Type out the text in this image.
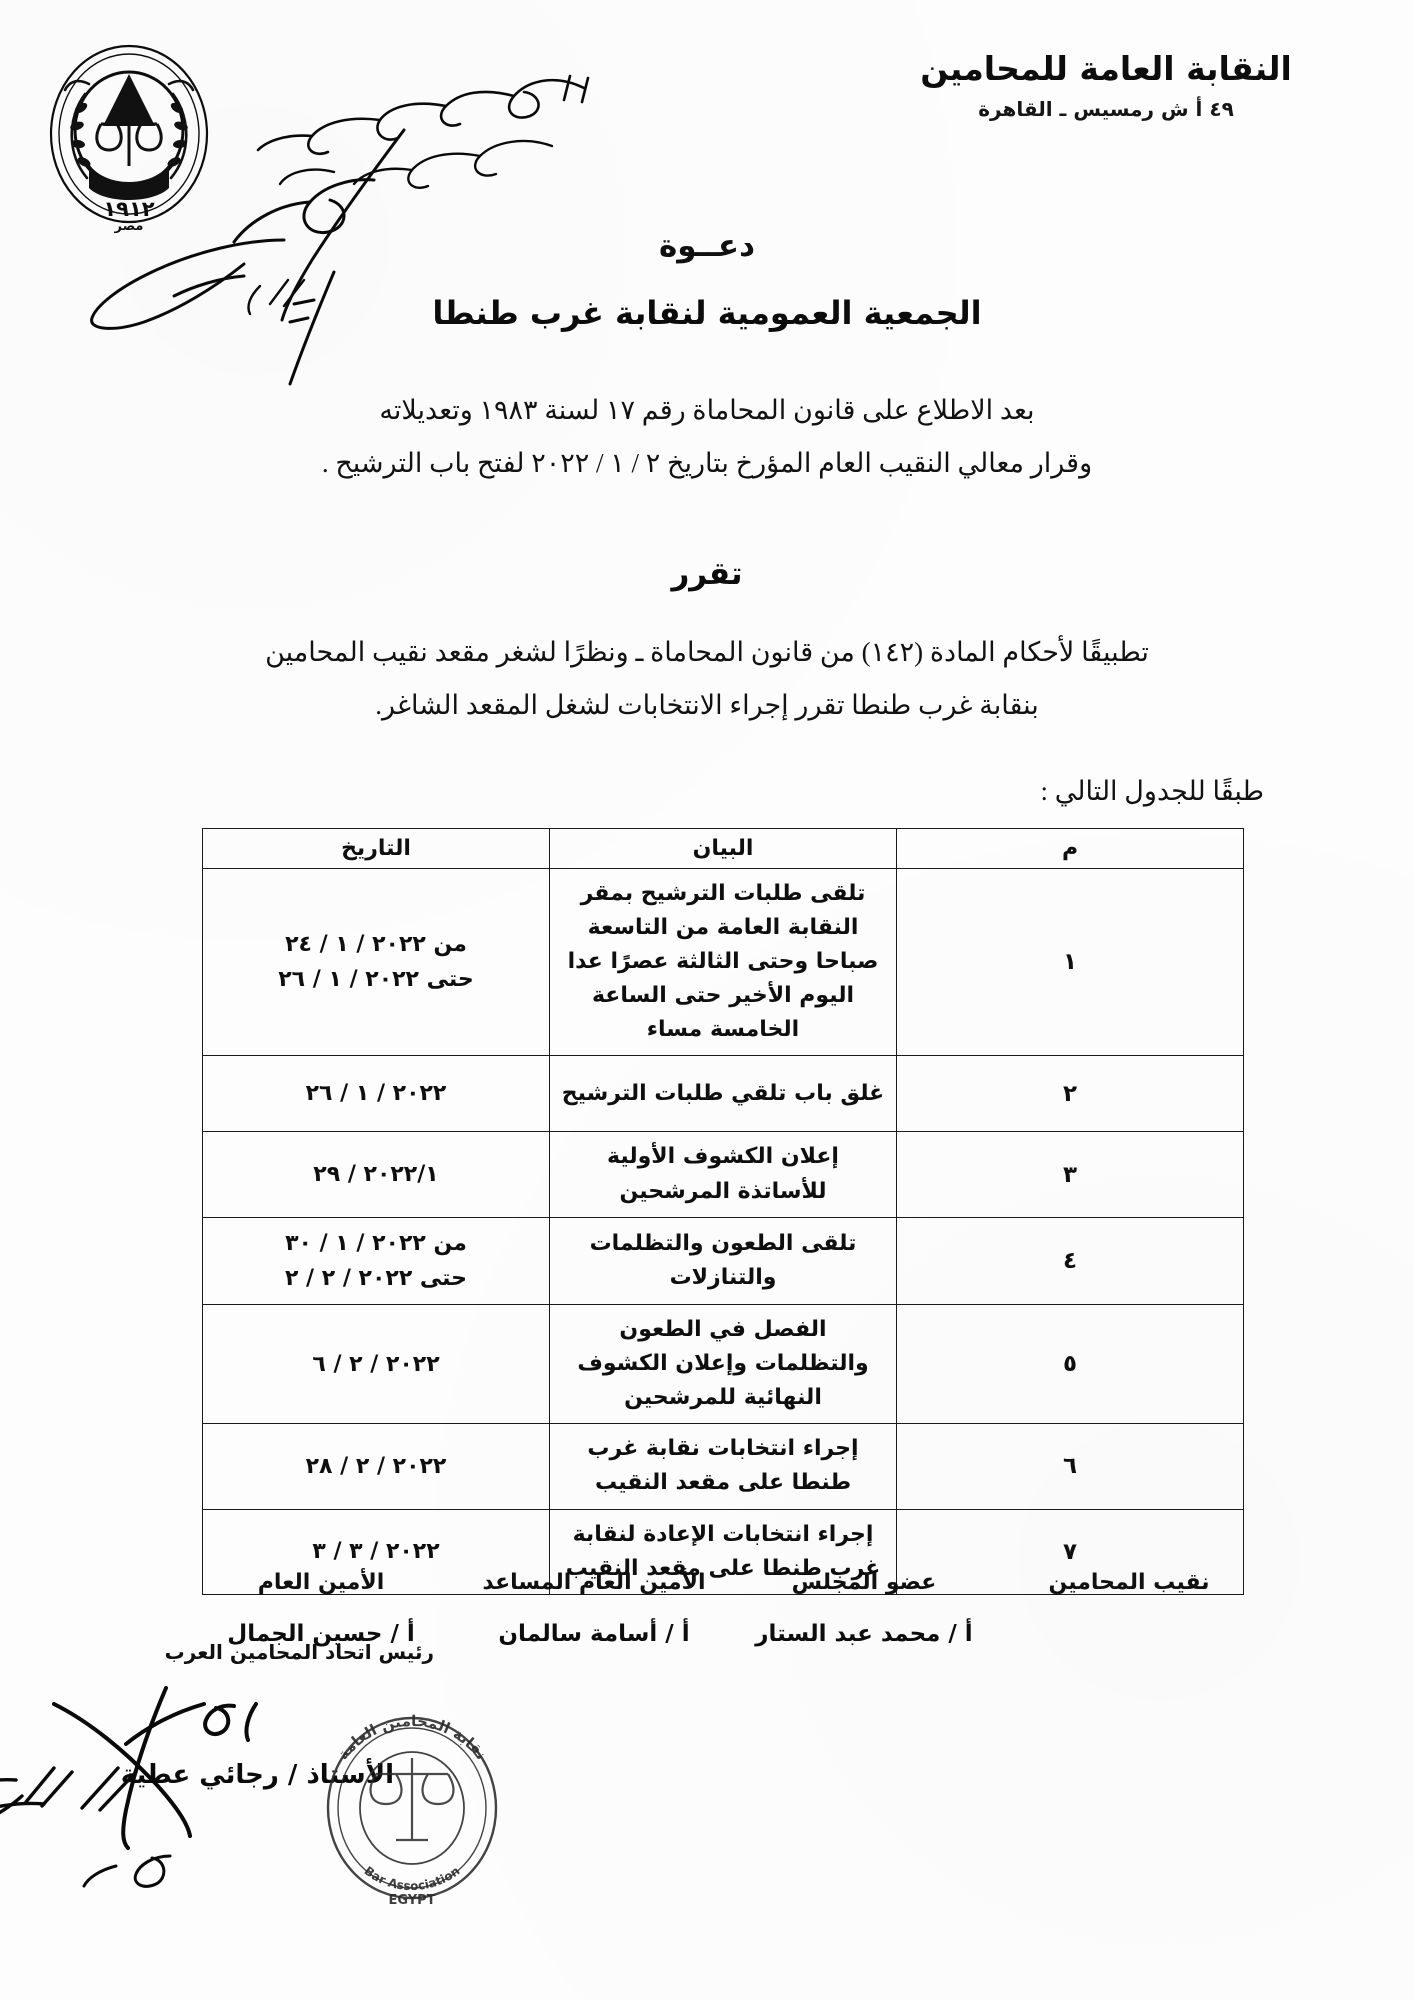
١٩١٢
مصر
النقابة العامة للمحامين
٤٩ أ ش رمسيس ـ القاهرة
دعــوة
الجمعية العمومية لنقابة غرب طنطا
بعد الاطلاع على قانون المحاماة رقم ١٧ لسنة ١٩٨٣ وتعديلاته
وقرار معالي النقيب العام المؤرخ بتاريخ ٢ / ١ / ٢٠٢٢ لفتح باب الترشيح .
تقرر
تطبيقًا لأحكام المادة (١٤٢) من قانون المحاماة ـ ونظرًا لشغر مقعد نقيب المحامين
بنقابة غرب طنطا تقرر إجراء الانتخابات لشغل المقعد الشاغر.
طبقًا للجدول التالي :
م	البيان	التاريخ
١	تلقى طلبات الترشيح بمقر النقابة العامة من التاسعة صباحا وحتى الثالثة عصرًا عدا اليوم الأخير حتى الساعة الخامسة مساء	من ٢٠٢٢ / ١ / ٢٤
حتى ٢٠٢٢ / ١ / ٢٦

٢	غلق باب تلقي طلبات الترشيح	٢٠٢٢ / ١ / ٢٦

٣	إعلان الكشوف الأولية للأساتذة المرشحين	٢٠٢٢/١ / ٢٩

٤	تلقى الطعون والتظلمات والتنازلات	من ٢٠٢٢ / ١ / ٣٠
حتى ٢٠٢٢ / ٢ / ٢

٥	الفصل في الطعون والتظلمات وإعلان الكشوف النهائية للمرشحين	٢٠٢٢ / ٢ / ٦

٦	إجراء انتخابات نقابة غرب طنطا على مقعد النقيب	٢٠٢٢ / ٢ / ٢٨

٧	إجراء انتخابات الإعادة لنقابة غرب طنطا على مقعد النقيب	٢٠٢٢ / ٣ / ٣
الأمين العام
أ / حسين الجمال
الأمين العام المساعد
أ / أسامة سالمان
عضو المجلس
أ / محمد عبد الستار
نقيب المحامين
رئيس اتحاد المحامين العرب
الأستاذ / رجائي عطية
نقابة المحامين العامة
Bar Association
EGYPT
